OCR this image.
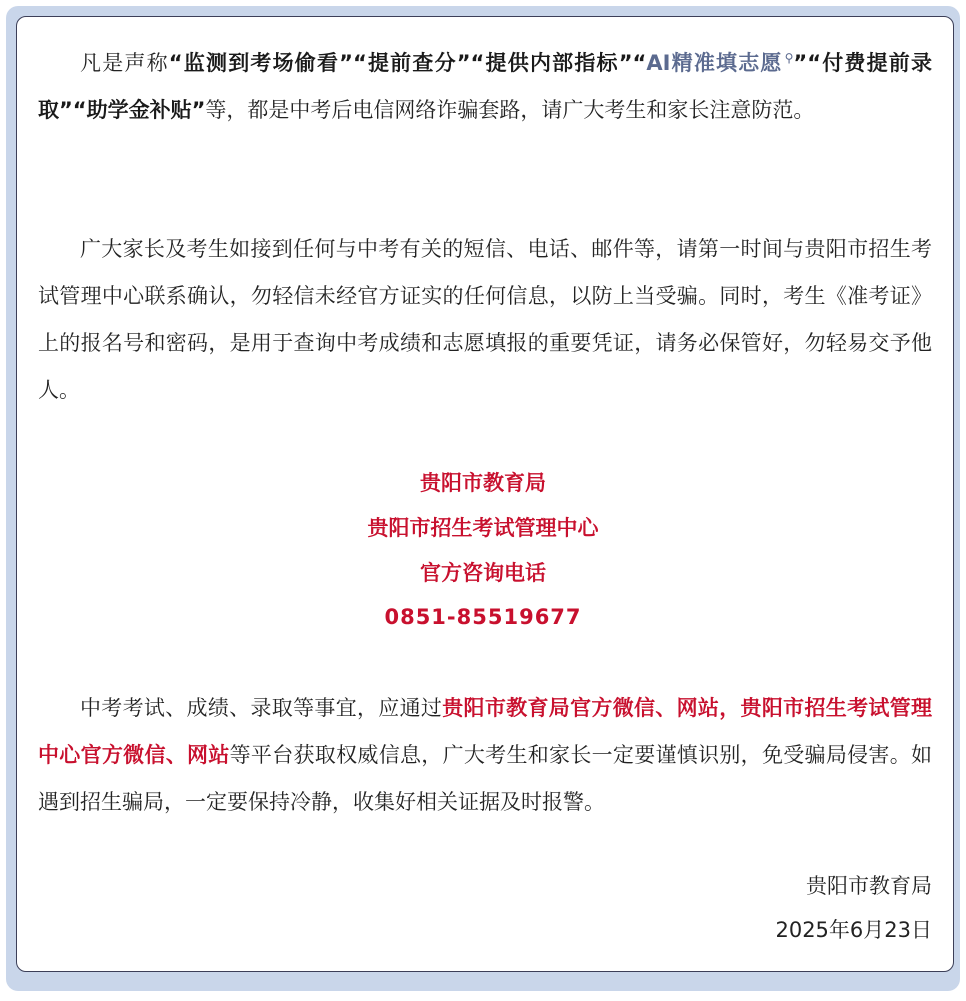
凡是声称“监测到考场偷看”“提前查分”“提供内部指标”“AI精准填志愿 ⚲”“付费提前录取”“助学金补贴”等，都是中考后电信网络诈骗套路，请广大考生和家长注意防范。

广大家长及考生如接到任何与中考有关的短信、电话、邮件等，请第一时间与贵阳市招生考试管理中心联系确认，勿轻信未经官方证实的任何信息，以防上当受骗。同时，考生《准考证》上的报名号和密码，是用于查询中考成绩和志愿填报的重要凭证，请务必保管好，勿轻易交予他人。

贵阳市教育局
贵阳市招生考试管理中心
官方咨询电话
0851-85519677

中考考试、成绩、录取等事宜，应通过贵阳市教育局官方微信、网站，贵阳市招生考试管理中心官方微信、网站等平台获取权威信息，广大考生和家长一定要谨慎识别，免受骗局侵害。如遇到招生骗局，一定要保持冷静，收集好相关证据及时报警。

贵阳市教育局
2025年6月23日
